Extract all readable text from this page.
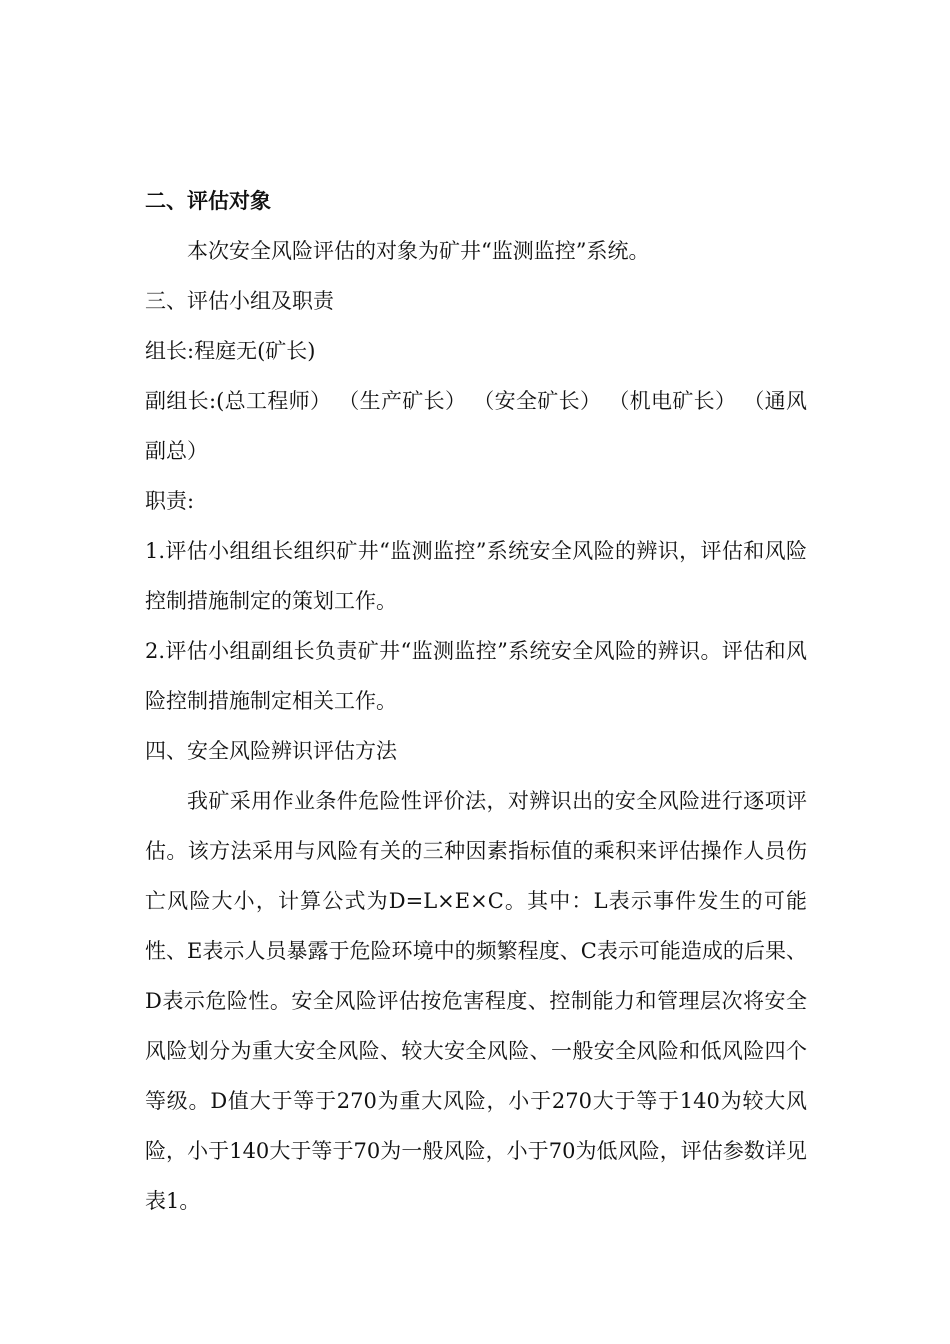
二、评估对象

本次安全风险评估的对象为矿井“监测监控”系统。

三、评估小组及职责

组长:程庭无(矿长)

副组长:(总工程师） （生产矿长） （安全矿长） （机电矿长） （通风副总）

职责:

1.评估小组组长组织矿井“监测监控”系统安全风险的辨识，评估和风险控制措施制定的策划工作。

2.评估小组副组长负责矿井“监测监控”系统安全风险的辨识。评估和风险控制措施制定相关工作。

四、安全风险辨识评估方法

我矿采用作业条件危险性评价法，对辨识出的安全风险进行逐项评估。该方法采用与风险有关的三种因素指标值的乘积来评估操作人员伤亡风险大小，计算公式为D=L×E×C。其中：L表示事件发生的可能性、E表示人员暴露于危险环境中的频繁程度、C表示可能造成的后果、D表示危险性。安全风险评估按危害程度、控制能力和管理层次将安全风险划分为重大安全风险、较大安全风险、一般安全风险和低风险四个等级。D值大于等于270为重大风险，小于270大于等于140为较大风险，小于140大于等于70为一般风险，小于70为低风险，评估参数详见表1。
